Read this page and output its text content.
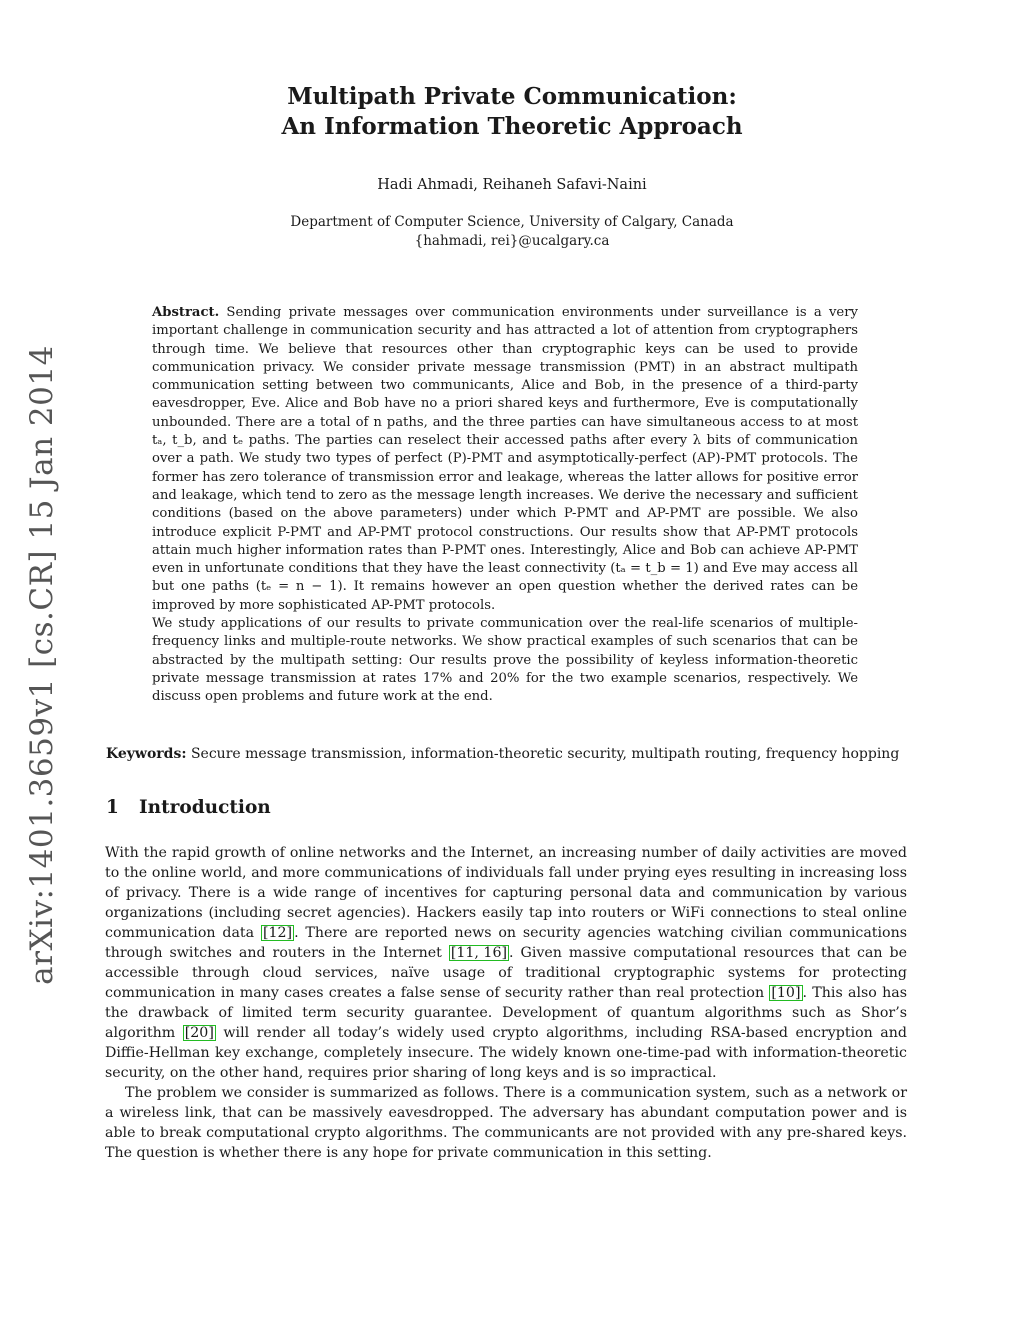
arXiv:1401.3659v1 [cs.CR] 15 Jan 2014
Multipath Private Communication:
An Information Theoretic Approach
Hadi Ahmadi, Reihaneh Safavi-Naini
Department of Computer Science, University of Calgary, Canada
{hahmadi, rei}@ucalgary.ca

Abstract. Sending private messages over communication environments under surveillance is a very important challenge in communication security and has attracted a lot of attention from cryptographers through time. We believe that resources other than cryptographic keys can be used to provide communication privacy. We consider private message transmission (PMT) in an abstract multipath communication setting between two communicants, Alice and Bob, in the presence of a third-party eavesdropper, Eve. Alice and Bob have no a priori shared keys and furthermore, Eve is computationally unbounded. There are a total of n paths, and the three parties can have simultaneous access to at most tₐ, t_b, and tₑ paths. The parties can reselect their accessed paths after every λ bits of communication over a path. We study two types of perfect (P)-PMT and asymptotically-perfect (AP)-PMT protocols. The former has zero tolerance of transmission error and leakage, whereas the latter allows for positive error and leakage, which tend to zero as the message length increases. We derive the necessary and sufficient conditions (based on the above parameters) under which P-PMT and AP-PMT are possible. We also introduce explicit P-PMT and AP-PMT protocol constructions. Our results show that AP-PMT protocols attain much higher information rates than P-PMT ones. Interestingly, Alice and Bob can achieve AP-PMT even in unfortunate conditions that they have the least connectivity (tₐ = t_b = 1) and Eve may access all but one paths (tₑ = n − 1). It remains however an open question whether the derived rates can be improved by more sophisticated AP-PMT protocols.

We study applications of our results to private communication over the real-life scenarios of multiple-frequency links and multiple-route networks. We show practical examples of such scenarios that can be abstracted by the multipath setting: Our results prove the possibility of keyless information-theoretic private message transmission at rates 17% and 20% for the two example scenarios, respectively. We discuss open problems and future work at the end.

Keywords: Secure message transmission, information-theoretic security, multipath routing, frequency hopping
1 Introduction

With the rapid growth of online networks and the Internet, an increasing number of daily activities are moved to the online world, and more communications of individuals fall under prying eyes resulting in increasing loss of privacy. There is a wide range of incentives for capturing personal data and communication by various organizations (including secret agencies). Hackers easily tap into routers or WiFi connections to steal online communication data [12] . There are reported news on security agencies watching civilian communications through switches and routers in the Internet [11, 16] . Given massive computational resources that can be accessible through cloud services, naïve usage of traditional cryptographic systems for protecting communication in many cases creates a false sense of security rather than real protection [10] . This also has the drawback of limited term security guarantee. Development of quantum algorithms such as Shor’s algorithm [20] will render all today’s widely used crypto algorithms, including RSA-based encryption and Diffie-Hellman key exchange, completely insecure. The widely known one-time-pad with information-theoretic security, on the other hand, requires prior sharing of long keys and is so impractical.

The problem we consider is summarized as follows. There is a communication system, such as a network or a wireless link, that can be massively eavesdropped. The adversary has abundant computation power and is able to break computational crypto algorithms. The communicants are not provided with any pre-shared keys. The question is whether there is any hope for private communication in this setting.
